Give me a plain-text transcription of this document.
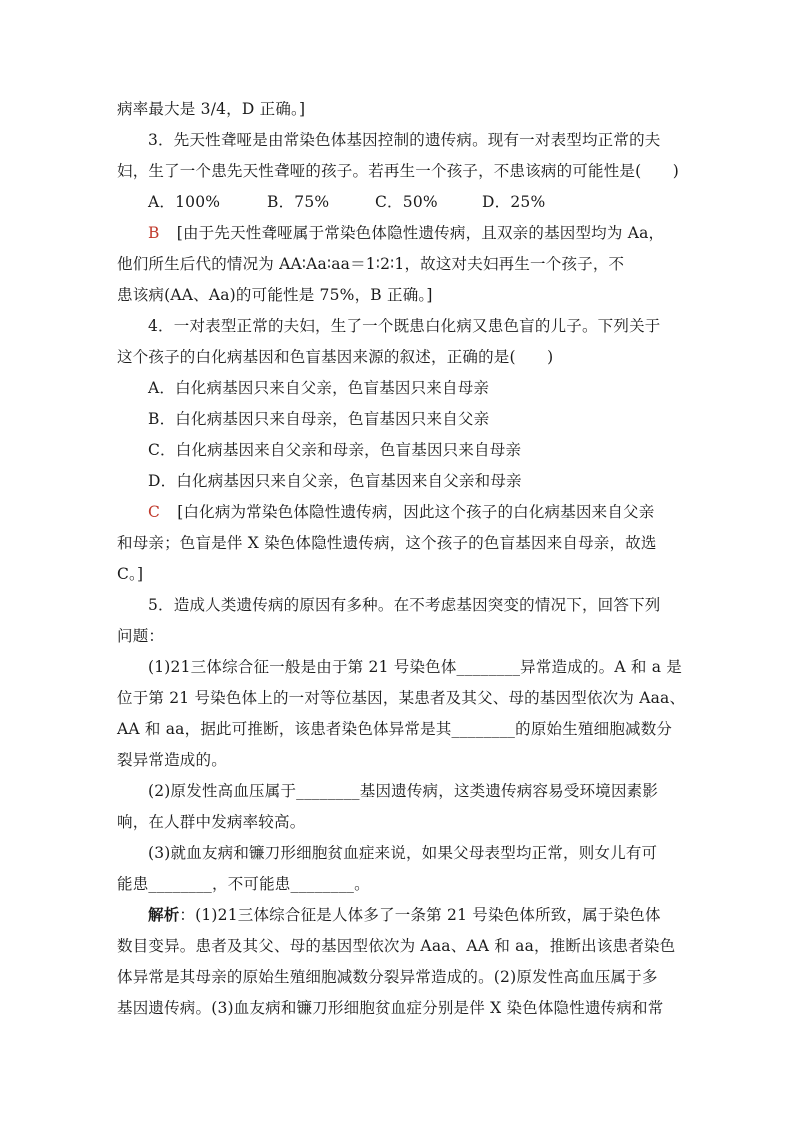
病率最大是 3/4，D 正确。]
3．先天性聋哑是由常染色体基因控制的遗传病。现有一对表型均正常的夫
妇，生了一个患先天性聋哑的孩子。若再生一个孩子，不患该病的可能性是(　　)
A．100%	B．75%	C．50%	D．25%
B [由于先天性聋哑属于常染色体隐性遗传病，且双亲的基因型均为 Aa，
他们所生后代的情况为 AA∶Aa∶aa＝1∶2∶1，故这对夫妇再生一个孩子，不
患该病(AA、Aa)的可能性是 75%，B 正确。]
4．一对表型正常的夫妇，生了一个既患白化病又患色盲的儿子。下列关于
这个孩子的白化病基因和色盲基因来源的叙述，正确的是(　　)
A．白化病基因只来自父亲，色盲基因只来自母亲
B．白化病基因只来自母亲，色盲基因只来自父亲
C．白化病基因来自父亲和母亲，色盲基因只来自母亲
D．白化病基因只来自父亲，色盲基因来自父亲和母亲
C [白化病为常染色体隐性遗传病，因此这个孩子的白化病基因来自父亲
和母亲；色盲是伴 X 染色体隐性遗传病，这个孩子的色盲基因来自母亲，故选
C。]
5．造成人类遗传病的原因有多种。在不考虑基因突变的情况下，回答下列
问题：
(1)21三体综合征一般是由于第 21 号染色体________异常造成的。A 和 a 是
位于第 21 号染色体上的一对等位基因，某患者及其父、母的基因型依次为 Aaa、
AA 和 aa，据此可推断，该患者染色体异常是其________的原始生殖细胞减数分
裂异常造成的。
(2)原发性高血压属于________基因遗传病，这类遗传病容易受环境因素影
响，在人群中发病率较高。
(3)就血友病和镰刀形细胞贫血症来说，如果父母表型均正常，则女儿有可
能患________，不可能患________。
解析：(1)21三体综合征是人体多了一条第 21 号染色体所致，属于染色体
数目变异。患者及其父、母的基因型依次为 Aaa、AA 和 aa，推断出该患者染色
体异常是其母亲的原始生殖细胞减数分裂异常造成的。(2)原发性高血压属于多
基因遗传病。(3)血友病和镰刀形细胞贫血症分别是伴 X 染色体隐性遗传病和常
